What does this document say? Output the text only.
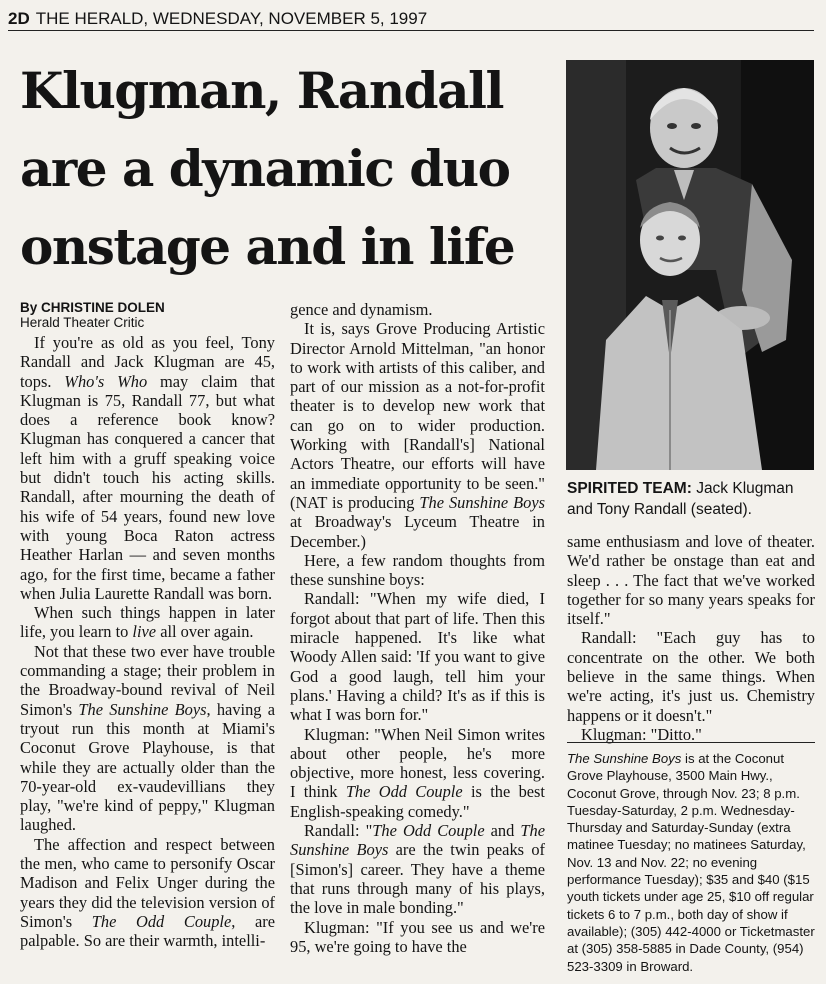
2D THE HERALD, WEDNESDAY, NOVEMBER 5, 1997
Klugman, Randall are a dynamic duo onstage and in life
SPIRITED TEAM: Jack Klugman and Tony Randall (seated).
By CHRISTINE DOLEN
Herald Theater Critic

If you're as old as you feel, Tony Randall and Jack Klugman are 45, tops. Who's Who may claim that Klugman is 75, Randall 77, but what does a reference book know? Klugman has conquered a cancer that left him with a gruff speaking voice but didn't touch his acting skills. Randall, after mourning the death of his wife of 54 years, found new love with young Boca Raton actress Heather Harlan — and seven months ago, for the first time, became a father when Julia Laurette Randall was born.

When such things happen in later life, you learn to live all over again.

Not that these two ever have trouble commanding a stage; their problem in the Broadway-bound revival of Neil Simon's The Sunshine Boys, having a tryout run this month at Miami's Coconut Grove Playhouse, is that while they are actually older than the 70-year-old ex-vaudevillians they play, "we're kind of peppy," Klugman laughed.

The affection and respect between the men, who came to personify Oscar Madison and Felix Unger during the years they did the television version of Simon's The Odd Couple, are palpable. So are their warmth, intelli-

gence and dynamism.

It is, says Grove Producing Artistic Director Arnold Mittelman, "an honor to work with artists of this caliber, and part of our mission as a not-for-profit theater is to develop new work that can go on to wider production. Working with [Randall's] National Actors Theatre, our efforts will have an immediate opportunity to be seen." (NAT is producing The Sunshine Boys at Broadway's Lyceum Theatre in December.)

Here, a few random thoughts from these sunshine boys:

Randall: "When my wife died, I forgot about that part of life. Then this miracle happened. It's like what Woody Allen said: 'If you want to give God a good laugh, tell him your plans.' Having a child? It's as if this is what I was born for."

Klugman: "When Neil Simon writes about other people, he's more objective, more honest, less covering. I think The Odd Couple is the best English-speaking comedy."

Randall: "The Odd Couple and The Sunshine Boys are the twin peaks of [Simon's] career. They have a theme that runs through many of his plays, the love in male bonding."

Klugman: "If you see us and we're 95, we're going to have the

same enthusiasm and love of theater. We'd rather be onstage than eat and sleep . . . The fact that we've worked together for so many years speaks for itself."

Randall: "Each guy has to concentrate on the other. We both believe in the same things. When we're acting, it's just us. Chemistry happens or it doesn't."

Klugman: "Ditto."

The Sunshine Boys is at the Coconut Grove Playhouse, 3500 Main Hwy., Coconut Grove, through Nov. 23; 8 p.m. Tuesday-Saturday, 2 p.m. Wednesday-Thursday and Saturday-Sunday (extra matinee Tuesday; no matinees Saturday, Nov. 13 and Nov. 22; no evening performance Tuesday); $35 and $40 ($15 youth tickets under age 25, $10 off regular tickets 6 to 7 p.m., both day of show if available); (305) 442-4000 or Ticketmaster at (305) 358-5885 in Dade County, (954) 523-3309 in Broward.
